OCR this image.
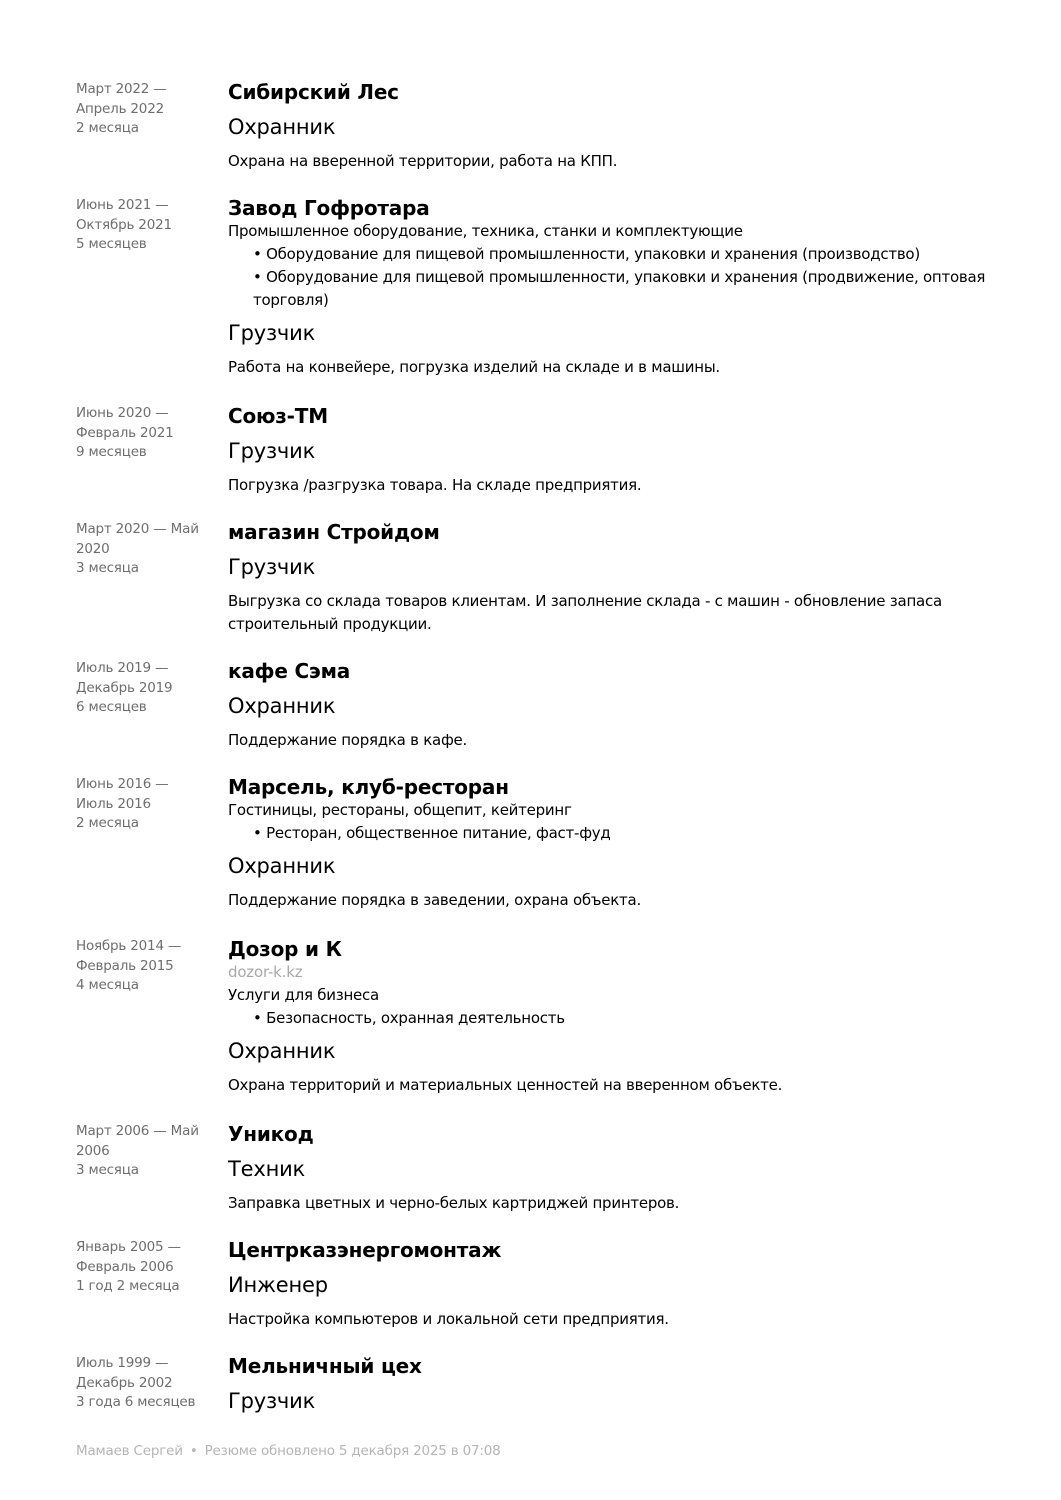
Март 2022 —
Апрель 2022
2 месяца
Сибирский Лес
Охранник
Охрана на вверенной территории, работа на КПП.
Июнь 2021 —
Октябрь 2021
5 месяцев
Завод Гофротара
Промышленное оборудование, техника, станки и комплектующие
• Оборудование для пищевой промышленности, упаковки и хранения (производство)
• Оборудование для пищевой промышленности, упаковки и хранения (продвижение, оптовая торговля)
Грузчик
Работа на конвейере, погрузка изделий на складе и в машины.
Июнь 2020 —
Февраль 2021
9 месяцев
Союз-ТМ
Грузчик
Погрузка /разгрузка товара. На складе предприятия.
Март 2020 — Май
2020
3 месяца
магазин Стройдом
Грузчик
Выгрузка со склада товаров клиентам. И заполнение склада - с машин - обновление запаса строительный продукции.
Июль 2019 —
Декабрь 2019
6 месяцев
кафе Сэма
Охранник
Поддержание порядка в кафе.
Июнь 2016 —
Июль 2016
2 месяца
Марсель, клуб-ресторан
Гостиницы, рестораны, общепит, кейтеринг
• Ресторан, общественное питание, фаст-фуд
Охранник
Поддержание порядка в заведении, охрана объекта.
Ноябрь 2014 —
Февраль 2015
4 месяца
Дозор и К
dozor-k.kz
Услуги для бизнеса
• Безопасность, охранная деятельность
Охранник
Охрана территорий и материальных ценностей на вверенном объекте.
Март 2006 — Май
2006
3 месяца
Уникод
Техник
Заправка цветных и черно-белых картриджей принтеров.
Январь 2005 —
Февраль 2006
1 год 2 месяца
Центрказэнергомонтаж
Инженер
Настройка компьютеров и локальной сети предприятия.
Июль 1999 —
Декабрь 2002
3 года 6 месяцев
Мельничный цех
Грузчик
Мамаев Сергей • Резюме обновлено 5 декабря 2025 в 07:08
